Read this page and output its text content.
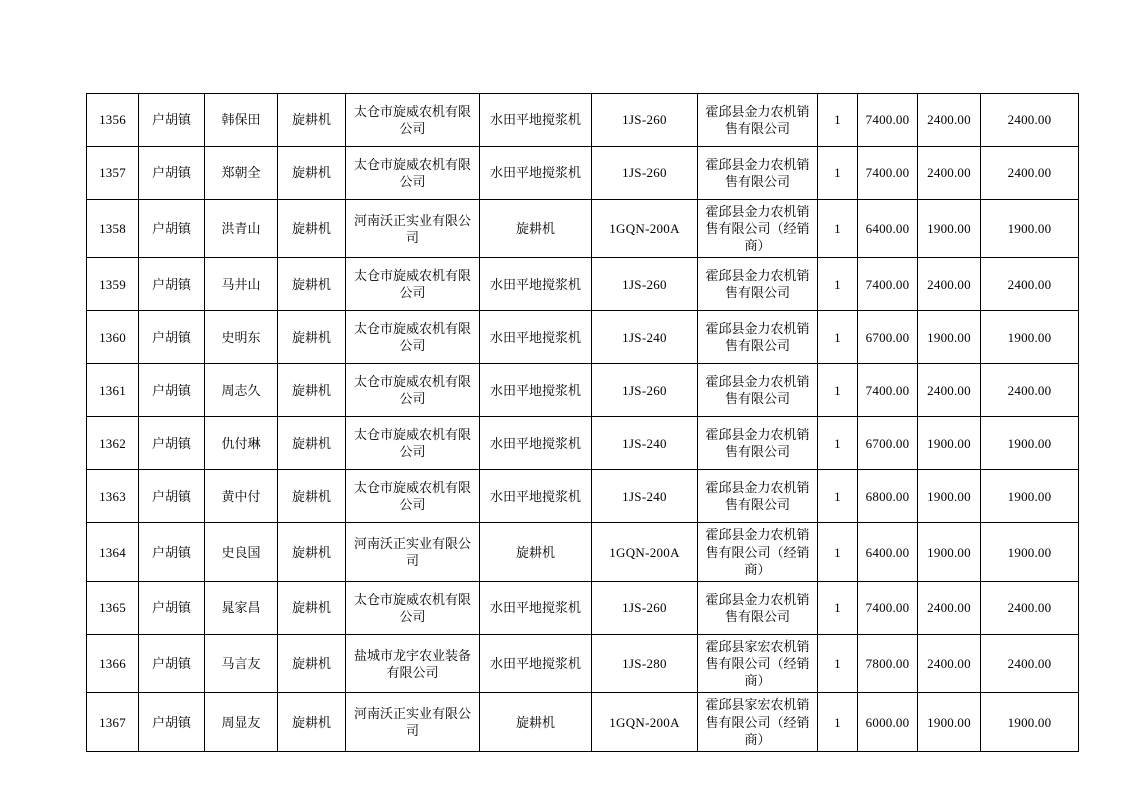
1356	户胡镇	韩保田	旋耕机	太仓市旋威农机有限公司	水田平地搅浆机	1JS-260	霍邱县金力农机销售有限公司	1	7400.00	2400.00	2400.00
1357	户胡镇	郑朝全	旋耕机	太仓市旋威农机有限公司	水田平地搅浆机	1JS-260	霍邱县金力农机销售有限公司	1	7400.00	2400.00	2400.00
1358	户胡镇	洪青山	旋耕机	河南沃正实业有限公司	旋耕机	1GQN-200A	霍邱县金力农机销售有限公司（经销商）	1	6400.00	1900.00	1900.00
1359	户胡镇	马井山	旋耕机	太仓市旋威农机有限公司	水田平地搅浆机	1JS-260	霍邱县金力农机销售有限公司	1	7400.00	2400.00	2400.00
1360	户胡镇	史明东	旋耕机	太仓市旋威农机有限公司	水田平地搅浆机	1JS-240	霍邱县金力农机销售有限公司	1	6700.00	1900.00	1900.00
1361	户胡镇	周志久	旋耕机	太仓市旋威农机有限公司	水田平地搅浆机	1JS-260	霍邱县金力农机销售有限公司	1	7400.00	2400.00	2400.00
1362	户胡镇	仇付琳	旋耕机	太仓市旋威农机有限公司	水田平地搅浆机	1JS-240	霍邱县金力农机销售有限公司	1	6700.00	1900.00	1900.00
1363	户胡镇	黄中付	旋耕机	太仓市旋威农机有限公司	水田平地搅浆机	1JS-240	霍邱县金力农机销售有限公司	1	6800.00	1900.00	1900.00
1364	户胡镇	史良国	旋耕机	河南沃正实业有限公司	旋耕机	1GQN-200A	霍邱县金力农机销售有限公司（经销商）	1	6400.00	1900.00	1900.00
1365	户胡镇	晁家昌	旋耕机	太仓市旋威农机有限公司	水田平地搅浆机	1JS-260	霍邱县金力农机销售有限公司	1	7400.00	2400.00	2400.00
1366	户胡镇	马言友	旋耕机	盐城市龙宇农业装备有限公司	水田平地搅浆机	1JS-280	霍邱县家宏农机销售有限公司（经销商）	1	7800.00	2400.00	2400.00
1367	户胡镇	周显友	旋耕机	河南沃正实业有限公司	旋耕机	1GQN-200A	霍邱县家宏农机销售有限公司（经销商）	1	6000.00	1900.00	1900.00
